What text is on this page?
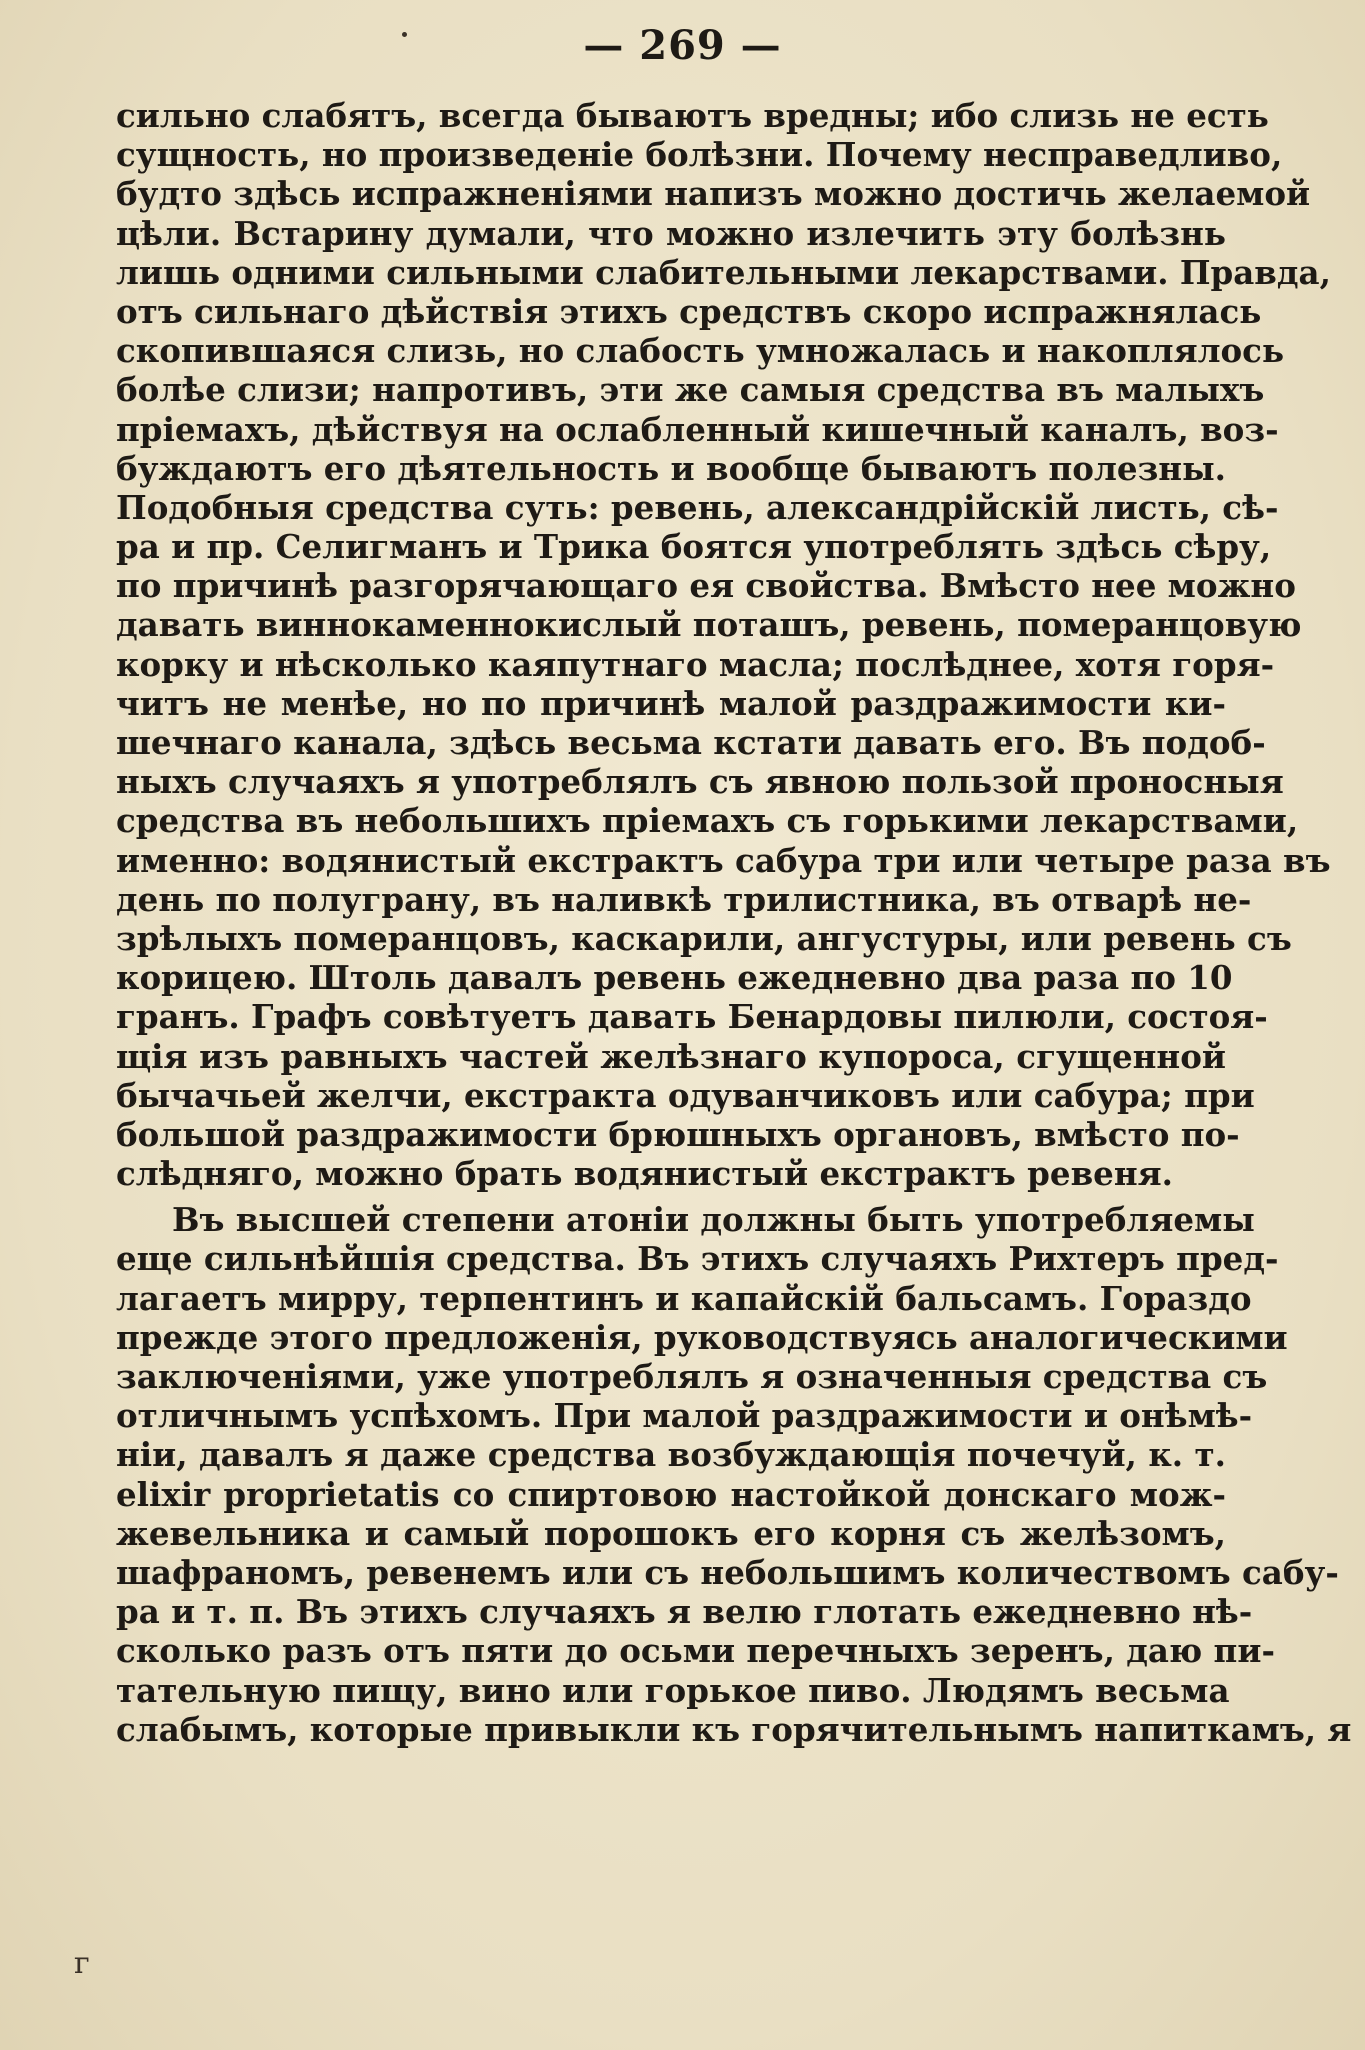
— 269 —
сильно слабятъ, всегда бываютъ вредны; ибо слизь не есть
сущность, но произведенiе болѣзни. Почему несправедливо,
будто здѣсь испражненiями напизъ можно достичь желаемой
цѣли. Встарину думали, что можно излечить эту болѣзнь
лишь одними сильными слабительными лекарствами. Правда,
отъ сильнаго дѣйствiя этихъ средствъ скоро испражнялась
скопившаяся слизь, но слабость умножалась и накоплялось
болѣе слизи; напротивъ, эти же самыя средства въ малыхъ
прiемахъ, дѣйствуя на ослабленный кишечный каналъ, воз-
буждаютъ его дѣятельность и вообще бываютъ полезны.
Подобныя средства суть: ревень, александрiйскiй листь, сѣ-
ра и пр. Селигманъ и Трика боятся употреблять здѣсь сѣру,
по причинѣ разгорячающаго ея свойства. Вмѣсто нее можно
давать виннокаменнокислый поташъ, ревень, померанцовую
корку и нѣсколько каяпутнаго масла; послѣднее, хотя горя-
читъ не менѣе, но по причинѣ малой раздражимости ки-
шечнаго канала, здѣсь весьма кстати давать его. Въ подоб-
ныхъ случаяхъ я употреблялъ съ явною пользой проносныя
средства въ небольшихъ прiемахъ съ горькими лекарствами,
именно: водянистый екстрактъ сабура три или четыре раза въ
день по полуграну, въ наливкѣ трилистника, въ отварѣ не-
зрѣлыхъ померанцовъ, каскарили, ангустуры, или ревень съ
корицею. Штоль давалъ ревень ежедневно два раза по 10
гранъ. Графъ совѣтуетъ давать Бенардовы пилюли, состоя-
щiя изъ равныхъ частей желѣзнаго купороса, сгущенной
бычачьей желчи, екстракта одуванчиковъ или сабура; при
большой раздражимости брюшныхъ органовъ, вмѣсто по-
слѣдняго, можно брать водянистый екстрактъ ревеня.
Въ высшей степени атонiи должны быть употребляемы
еще сильнѣйшiя средства. Въ этихъ случаяхъ Рихтеръ пред-
лагаетъ мирру, терпентинъ и капайскiй бальсамъ. Гораздо
прежде этого предложенiя, руководствуясь аналогическими
заключенiями, уже употреблялъ я означенныя средства съ
отличнымъ успѣхомъ. При малой раздражимости и онѣмѣ-
нiи, давалъ я даже средства возбуждающiя почечуй, к. т.
elixir proprietatis со спиртовою настойкой донскаго мож-
жевельника и самый порошокъ его корня съ желѣзомъ,
шафраномъ, ревенемъ или съ небольшимъ количествомъ сабу-
ра и т. п. Въ этихъ случаяхъ я велю глотать ежедневно нѣ-
сколько разъ отъ пяти до осьми перечныхъ зеренъ, даю пи-
тательную пищу, вино или горькое пиво. Людямъ весьма
слабымъ, которые привыкли къ горячительнымъ напиткамъ, я
г
